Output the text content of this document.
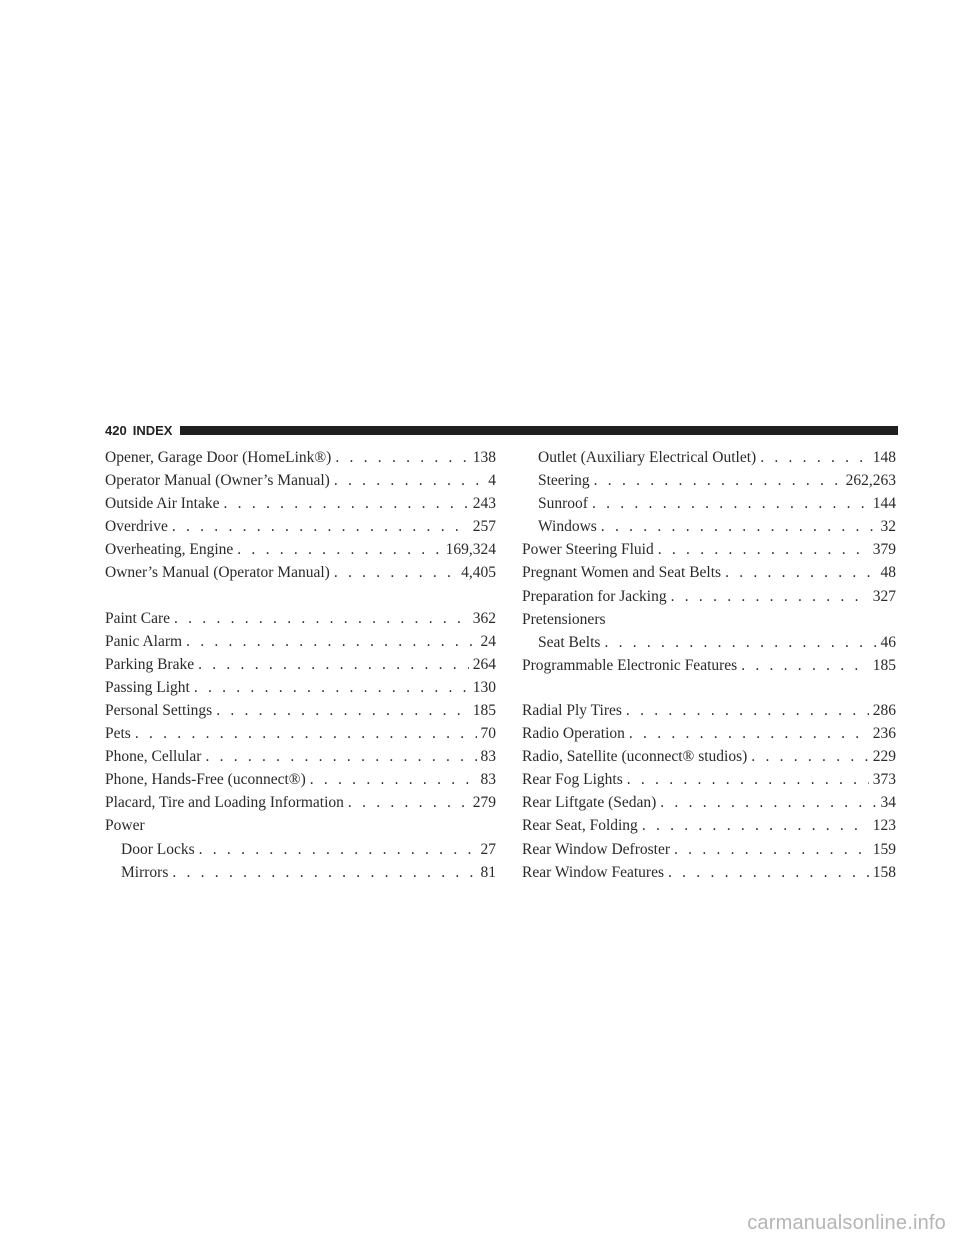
420 INDEX
Opener, Garage Door (HomeLink®) . . .	138
Operator Manual (Owner’s Manual) . . .	4
Outside Air Intake . . .	243
Overdrive . . .	257
Overheating, Engine . . .	169,324
Owner’s Manual (Operator Manual) . . .	4,405
Paint Care . . .	362
Panic Alarm . . .	24
Parking Brake . . .	264
Passing Light . . .	130
Personal Settings . . .	185
Pets . . .	70
Phone, Cellular . . .	83
Phone, Hands-Free (uconnect®) . . .	83
Placard, Tire and Loading Information . . .	279
Power
Door Locks . . .	27
Mirrors . . .	81
Outlet (Auxiliary Electrical Outlet) . . .	148
Steering . . .	262,263
Sunroof . . .	144
Windows . . .	32
Power Steering Fluid . . .	379
Pregnant Women and Seat Belts . . .	48
Preparation for Jacking . . .	327
Pretensioners
Seat Belts . . .	46
Programmable Electronic Features . . .	185
Radial Ply Tires . . .	286
Radio Operation . . .	236
Radio, Satellite (uconnect® studios) . . .	229
Rear Fog Lights . . .	373
Rear Liftgate (Sedan) . . .	34
Rear Seat, Folding . . .	123
Rear Window Defroster . . .	159
Rear Window Features . . .	158
carmanualsonline.info
